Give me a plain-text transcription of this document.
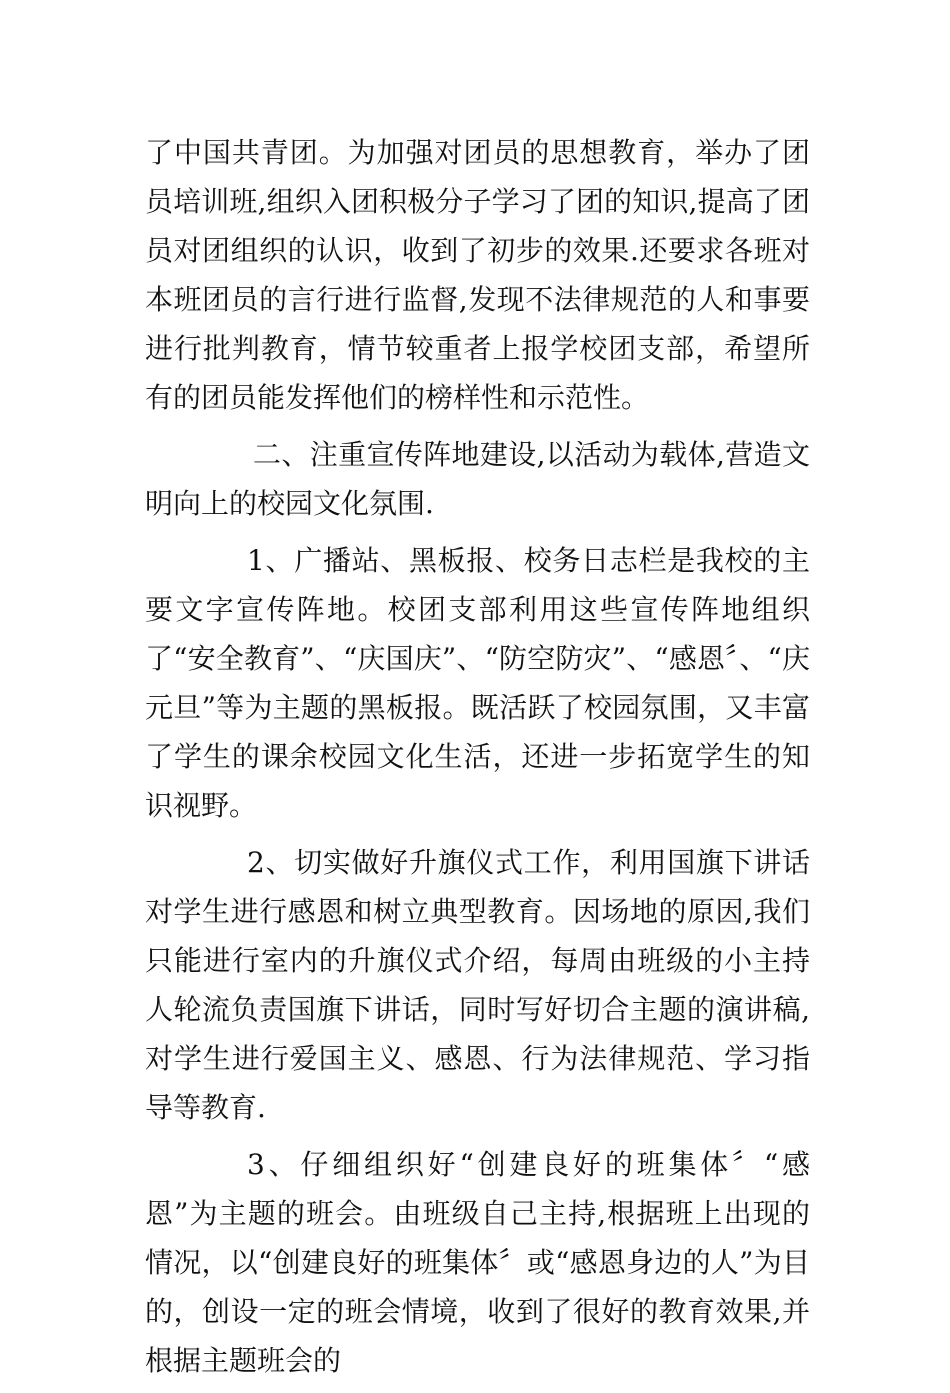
了中国共青团。为加强对团员的思想教育，举办了团员培训班,组织入团积极分子学习了团的知识,提高了团员对团组织的认识，收到了初步的效果.还要求各班对本班团员的言行进行监督,发现不法律规范的人和事要进行批判教育，情节较重者上报学校团支部，希望所有的团员能发挥他们的榜样性和示范性。

二、注重宣传阵地建设,以活动为载体,营造文明向上的校园文化氛围.

1、广播站、黑板报、校务日志栏是我校的主要文字宣传阵地。校团支部利用这些宣传阵地组织了“安全教育”、“庆国庆”、“防空防灾”、“感恩〞、“庆元旦”等为主题的黑板报。既活跃了校园氛围，又丰富了学生的课余校园文化生活，还进一步拓宽学生的知识视野。

2、切实做好升旗仪式工作，利用国旗下讲话对学生进行感恩和树立典型教育。因场地的原因,我们只能进行室内的升旗仪式介绍，每周由班级的小主持人轮流负责国旗下讲话，同时写好切合主题的演讲稿,对学生进行爱国主义、感恩、行为法律规范、学习指导等教育.

3、仔细组织好“创建良好的班集体〞“感恩”为主题的班会。由班级自己主持,根据班上出现的情况，以“创建良好的班集体〞或“感恩身边的人”为目的，创设一定的班会情境，收到了很好的教育效果,并根据主题班会的
